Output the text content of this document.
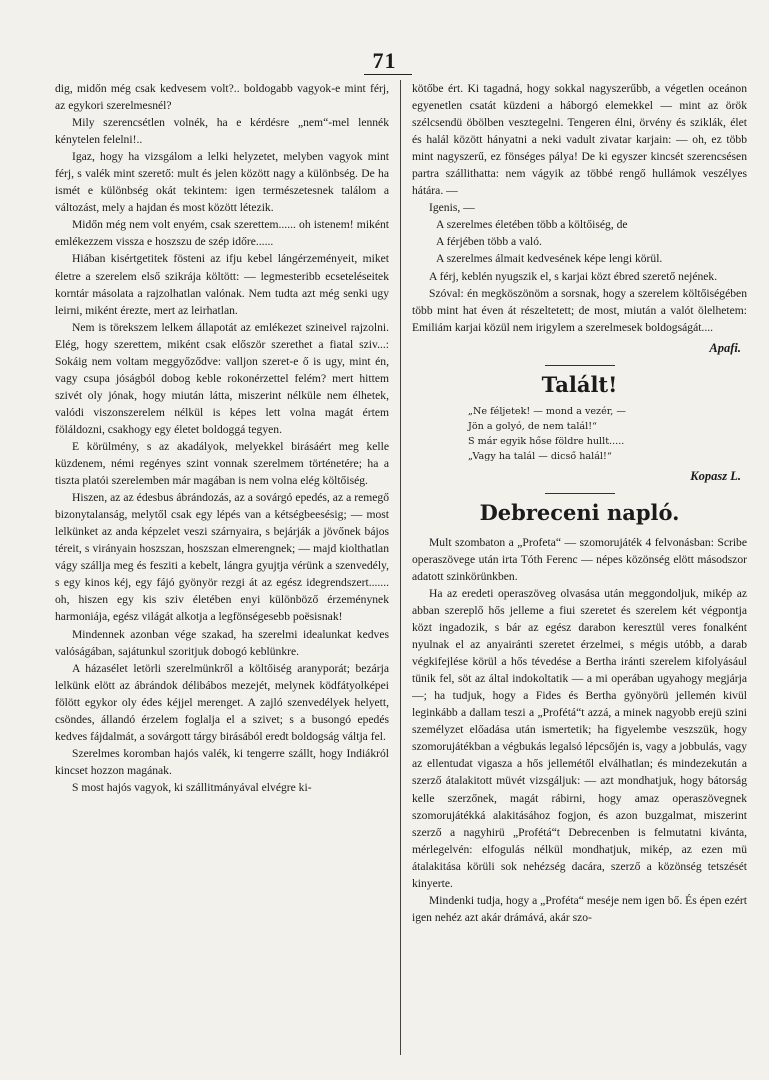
71

dig, midőn még csak kedvesem volt?.. boldogabb vagyok-e mint férj, az egykori szerelmesnél?

Mily szerencsétlen volnék, ha e kérdésre „nem“-mel lennék kénytelen felelni!..

Igaz, hogy ha vizsgálom a lelki helyzetet, melyben vagyok mint férj, s valék mint szerető: mult és jelen között nagy a különbség. De ha ismét e különbség okát tekintem: igen természetesnek találom a változást, mely a hajdan és most között létezik.

Midőn még nem volt enyém, csak szerettem...... oh istenem! miként emlékezzem vissza e hoszszu de szép időre......

Hiában kisértgetitek fösteni az ifju kebel lángérzeményeit, miket életre a szerelem első szikrája költött: — legmesteribb ecseteléseitek korntár másolata a rajzolhatlan valónak. Nem tudta azt még senki ugy leirni, miként érezte, mert az leirhatlan.

Nem is törekszem lelkem állapotát az emlékezet szineivel rajzolni. Elég, hogy szerettem, miként csak először szerethet a fiatal sziv...: Sokáig nem voltam meggyőződve: valljon szeret-e ő is ugy, mint én, vagy csupa jóságból dobog keble rokonérzettel felém? mert hittem szivét oly jónak, hogy miután látta, miszerint nélküle nem élhetek, valódi viszonszerelem nélkül is képes lett volna magát értem föláldozni, csakhogy egy életet boldoggá tegyen.

E körülmény, s az akadályok, melyekkel birásáért meg kelle küzdenem, némi regényes szint vonnak szerelmem történetére; ha a tiszta platói szerelemben már magában is nem volna elég költőiség.

Hiszen, az az édesbus ábrándozás, az a sovárgó epedés, az a remegő bizonytalanság, melytől csak egy lépés van a kétségbeesésig; — most lelkünket az anda képzelet veszi szárnyaira, s bejárják a jövőnek bájos téreit, s virányain hoszszan, hoszszan elmerengnek; — majd kiolthatlan vágy szállja meg és fesziti a kebelt, lángra gyujtja vérünk a szenvedély, s egy kinos kéj, egy fájó gyönyör rezgi át az egész idegrendszert....... oh, hiszen egy kis sziv életében enyi különböző érzeménynek harmoniája, egész világát alkotja a legfönségesebb poësisnak!

Mindennek azonban vége szakad, ha szerelmi idealunkat kedves valóságában, sajátunkul szoritjuk dobogó keblünkre.

A házasélet letörli szerelmünkről a költőiség aranyporát; bezárja lelkünk elött az ábrándok délibábos mezejét, melynek ködfátyolképei fölött egykor oly édes kéjjel merenget. A zajló szenvedélyek helyett, csöndes, állandó érzelem foglalja el a szivet; s a busongó epedés kedves fájdalmát, a sovárgott tárgy birásából eredt boldogság váltja fel.

Szerelmes koromban hajós valék, ki tengerre szállt, hogy Indiákról kincset hozzon magának.

S most hajós vagyok, ki szállitmányával elvégre ki-

kötőbe ért. Ki tagadná, hogy sokkal nagyszerűbb, a végetlen oceánon egyenetlen csatát küzdeni a háborgó elemekkel — mint az örök szélcsendü öbölben vesztegelni. Tengeren élni, örvény és sziklák, élet és halál között hányatni a neki vadult zivatar karjain: — oh, ez több mint nagyszerű, ez fönséges pálya! De ki egyszer kincsét szerencsésen partra szállithatta: nem vágyik az többé rengő hullámok veszélyes hátára. —

Igenis, —

A szerelmes életében több a költőiség, de

A férjében több a való.

A szerelmes álmait kedvesének képe lengi körül.

A férj, keblén nyugszik el, s karjai közt ébred szerető nejének.

Szóval: én megköszönöm a sorsnak, hogy a szerelem költőiségében több mint hat éven át részeltetett; de most, miután a valót ölelhetem: Emiliám karjai közül nem irigylem a szerelmesek boldogságát....

Apafi.
Talált!
„Ne féljetek! — mond a vezér, —
Jön a golyó, de nem talál!“
S már egyik hőse földre hullt.....
„Vagy ha talál — dicső halál!“
Kopasz L.
Debreceni napló.

Mult szombaton a „Profeta“ — szomorujáték 4 felvonásban: Scribe operaszövege után irta Tóth Ferenc — népes közönség elött másodszor adatott szinkörünkben.

Ha az eredeti operaszöveg olvasása után meggondoljuk, mikép az abban szereplő hős jelleme a fiui szeretet és szerelem két végpontja közt ingadozik, s bár az egész darabon keresztül veres fonalként nyulnak el az anyairánti szeretet érzelmei, s mégis utóbb, a darab végkifejlése körül a hős tévedése a Bertha iránti szerelem kifolyásául tünik fel, söt az által indokoltatik — a mi operában ugyahogy megjárja —; ha tudjuk, hogy a Fides és Bertha gyönyörü jellemén kivül leginkább a dallam teszi a „Profétá“t azzá, a minek nagyobb erejü szini személyzet előadása után ismertetik; ha figyelembe veszszük, hogy szomorujátékban a végbukás legalsó lépcsőjén is, vagy a jobbulás, vagy az ellentudat vigasza a hős jellemétől elválhatlan; és mindezekután a szerző átalakitott müvét vizsgáljuk: — azt mondhatjuk, hogy bátorság kelle szerzőnek, magát rábirni, hogy amaz operaszövegnek szomorujátékká alakitásához fogjon, és azon buzgalmat, miszerint szerző a nagyhirü „Profétá“t Debrecenben is felmutatni kivánta, mérlegelvén: elfogulás nélkül mondhatjuk, mikép, az ezen mü átalakitása körüli sok nehézség dacára, szerző a közönség tetszését kinyerte.

Mindenki tudja, hogy a „Proféta“ meséje nem igen bő. És épen ezért igen nehéz azt akár drámává, akár szo-
